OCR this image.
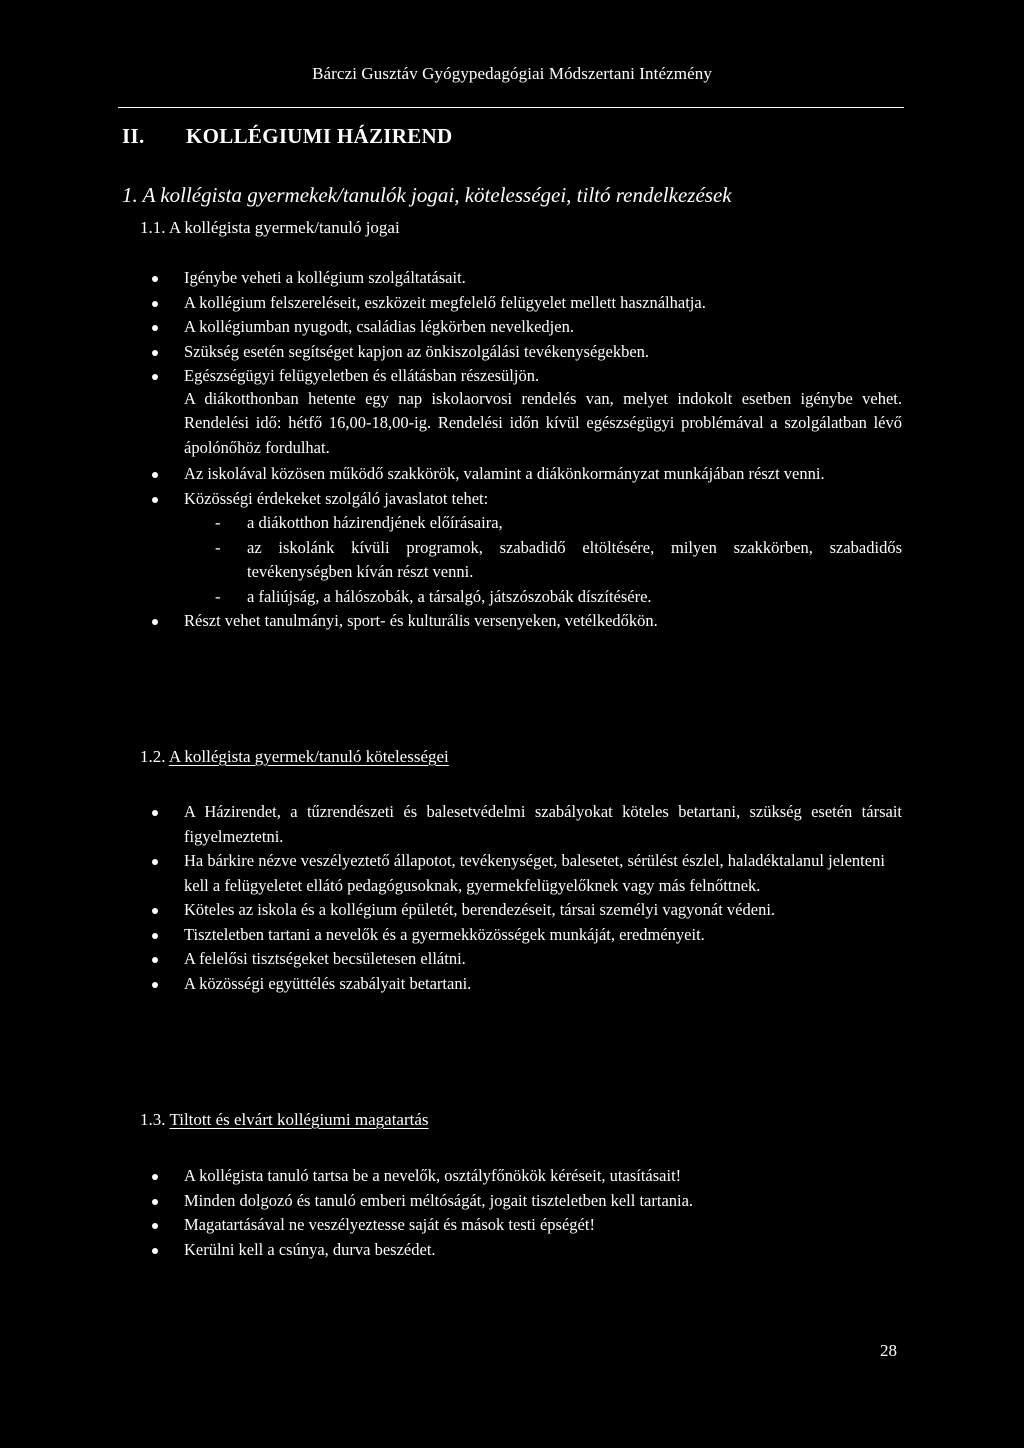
Bárczi Gusztáv Gyógypedagógiai Módszertani Intézmény
II. KOLLÉGIUMI HÁZIREND
1. A kollégista gyermekek/tanulók jogai, kötelességei, tiltó rendelkezések
1.1. A kollégista gyermek/tanuló jogai
Igénybe veheti a kollégium szolgáltatásait.
A kollégium felszereléseit, eszközeit megfelelő felügyelet mellett használhatja.
A kollégiumban nyugodt, családias légkörben nevelkedjen.
Szükség esetén segítséget kapjon az önkiszolgálási tevékenységekben.
Egészségügyi felügyeletben és ellátásban részesüljön.
A diákotthonban hetente egy nap iskolaorvosi rendelés van, melyet indokolt esetben igénybe vehet. Rendelési idő: hétfő 16,00-18,00-ig. Rendelési időn kívül egészségügyi problémával a szolgálatban lévő ápolónőhöz fordulhat.
Az iskolával közösen működő szakkörök, valamint a diákönkormányzat munkájában részt venni.
Közösségi érdekeket szolgáló javaslatot tehet:
- a diákotthon házirendjének előírásaira,
- az iskolánk kívüli programok, szabadidő eltöltésére, milyen szakkörben, szabadidős tevékenységben kíván részt venni.
- a faliújság, a hálószobák, a társalgó, játszószobák díszítésére.
Részt vehet tanulmányi, sport- és kulturális versenyeken, vetélkedőkön.
1.2. A kollégista gyermek/tanuló kötelességei
A Házirendet, a tűzrendészeti és balesetvédelmi szabályokat köteles betartani, szükség esetén társait figyelmeztetni.
Ha bárkire nézve veszélyeztető állapotot, tevékenységet, balesetet, sérülést észlel, haladéktalanul jelenteni kell a felügyeletet ellátó pedagógusoknak, gyermekfelügyelőknek vagy más felnőttnek.
Köteles az iskola és a kollégium épületét, berendezéseit, társai személyi vagyonát védeni.
Tiszteletben tartani a nevelők és a gyermekközösségek munkáját, eredményeit.
A felelősi tisztségeket becsületesen ellátni.
A közösségi együttélés szabályait betartani.
1.3. Tiltott és elvárt kollégiumi magatartás
A kollégista tanuló tartsa be a nevelők, osztályfőnökök kéréseit, utasításait!
Minden dolgozó és tanuló emberi méltóságát, jogait tiszteletben kell tartania.
Magatartásával ne veszélyeztesse saját és mások testi épségét!
Kerülni kell a csúnya, durva beszédet.
28
